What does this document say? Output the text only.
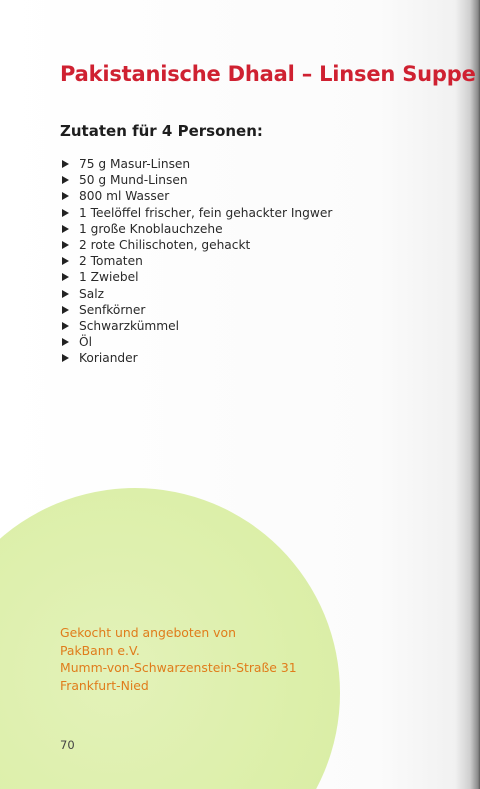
Pakistanische Dhaal – Linsen Suppe
Zutaten für 4 Personen:
75 g Masur-Linsen
50 g Mund-Linsen
800 ml Wasser
1 Teelöffel frischer, fein gehackter Ingwer
1 große Knoblauchzehe
2 rote Chilischoten, gehackt
2 Tomaten
1 Zwiebel
Salz
Senfkörner
Schwarzkümmel
Öl
Koriander
Gekocht und angeboten von
PakBann e.V.
Mumm-von-Schwarzenstein-Straße 31
Frankfurt-Nied
70
